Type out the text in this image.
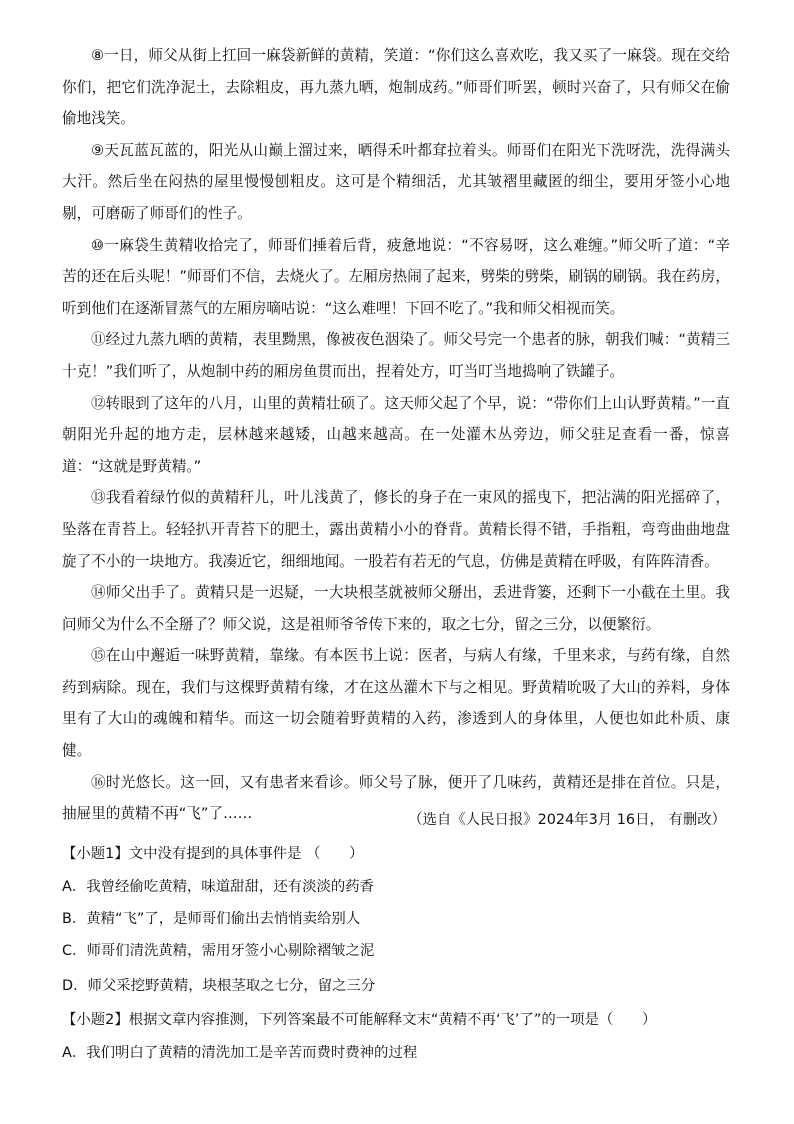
⑧一日，师父从街上扛回一麻袋新鲜的黄精，笑道：“你们这么喜欢吃，我又买了一麻袋。现在交给你们，把它们洗净泥土，去除粗皮，再九蒸九晒，炮制成药。”师哥们听罢，顿时兴奋了，只有师父在偷偷地浅笑。

⑨天瓦蓝瓦蓝的，阳光从山巅上溜过来，晒得禾叶都耷拉着头。师哥们在阳光下洗呀洗，洗得满头大汗。然后坐在闷热的屋里慢慢刨粗皮。这可是个精细活，尤其皱褶里藏匿的细尘，要用牙签小心地剔，可磨砺了师哥们的性子。

⑩一麻袋生黄精收拾完了，师哥们捶着后背，疲惫地说：“不容易呀，这么难缠。”师父听了道：“辛苦的还在后头呢！”师哥们不信，去烧火了。左厢房热闹了起来，劈柴的劈柴，刷锅的刷锅。我在药房，听到他们在逐渐冒蒸气的左厢房嘀咕说：“这么难哩！下回不吃了。”我和师父相视而笑。

⑪经过九蒸九晒的黄精，表里黝黑，像被夜色洇染了。师父号完一个患者的脉，朝我们喊：“黄精三十克！”我们听了，从炮制中药的厢房鱼贯而出，捏着处方，叮当叮当地捣响了铁罐子。

⑫转眼到了这年的八月，山里的黄精壮硕了。这天师父起了个早，说：“带你们上山认野黄精。”一直朝阳光升起的地方走，层林越来越矮，山越来越高。在一处灌木丛旁边，师父驻足查看一番，惊喜道：“这就是野黄精。”

⑬我看着绿竹似的黄精秆儿，叶儿浅黄了，修长的身子在一束风的摇曳下，把沾满的阳光摇碎了，坠落在青苔上。轻轻扒开青苔下的肥土，露出黄精小小的脊背。黄精长得不错，手指粗，弯弯曲曲地盘旋了不小的一块地方。我凑近它，细细地闻。一股若有若无的气息，仿佛是黄精在呼吸，有阵阵清香。

⑭师父出手了。黄精只是一迟疑，一大块根茎就被师父掰出，丢进背篓，还剩下一小截在土里。我问师父为什么不全掰了？师父说，这是祖师爷爷传下来的，取之七分，留之三分，以便繁衍。

⑮在山中邂逅一味野黄精，靠缘。有本医书上说：医者，与病人有缘，千里来求，与药有缘，自然药到病除。现在，我们与这棵野黄精有缘，才在这丛灌木下与之相见。野黄精吮吸了大山的养料，身体里有了大山的魂魄和精华。而这一切会随着野黄精的入药，渗透到人的身体里，人便也如此朴质、康健。

⑯时光悠长。这一回，又有患者来看诊。师父号了脉，便开了几味药，黄精还是排在首位。只是，抽屉里的黄精不再“飞”了……	（选自《人民日报》2024年3月 16日， 有删改）
【小题1】文中没有提到的具体事件是 （　　）
A．我曾经偷吃黄精，味道甜甜，还有淡淡的药香
B．黄精“飞”了，是师哥们偷出去悄悄卖给别人
C．师哥们清洗黄精，需用牙签小心剔除褶皱之泥
D．师父采挖野黄精，块根茎取之七分，留之三分
【小题2】根据文章内容推测，下列答案最不可能解释文末“黄精不再‘飞’了”的一项是（　　）
A．我们明白了黄精的清洗加工是辛苦而费时费神的过程
